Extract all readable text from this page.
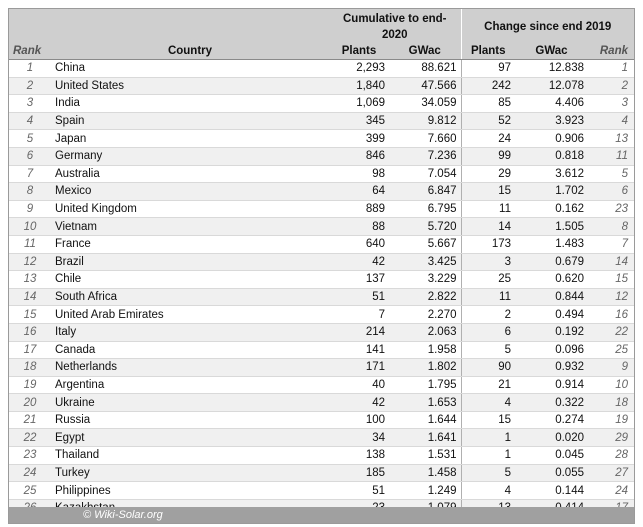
		Cumulative to end-2020		Change since end 2019		
Rank	Country	Plants	GWac	Plants	GWac	Rank
1	China	2,293	88.621	97	12.838	1
2	United States	1,840	47.566	242	12.078	2
3	India	1,069	34.059	85	4.406	3
4	Spain	345	9.812	52	3.923	4
5	Japan	399	7.660	24	0.906	13
6	Germany	846	7.236	99	0.818	11
7	Australia	98	7.054	29	3.612	5
8	Mexico	64	6.847	15	1.702	6
9	United Kingdom	889	6.795	11	0.162	23
10	Vietnam	88	5.720	14	1.505	8
11	France	640	5.667	173	1.483	7
12	Brazil	42	3.425	3	0.679	14
13	Chile	137	3.229	25	0.620	15
14	South Africa	51	2.822	11	0.844	12
15	United Arab Emirates	7	2.270	2	0.494	16
16	Italy	214	2.063	6	0.192	22
17	Canada	141	1.958	5	0.096	25
18	Netherlands	171	1.802	90	0.932	9
19	Argentina	40	1.795	21	0.914	10
20	Ukraine	42	1.653	4	0.322	18
21	Russia	100	1.644	15	0.274	19
22	Egypt	34	1.641	1	0.020	29
23	Thailand	138	1.531	1	0.045	28
24	Turkey	185	1.458	5	0.055	27
25	Philippines	51	1.249	4	0.144	24

© Wiki-Solar.org
